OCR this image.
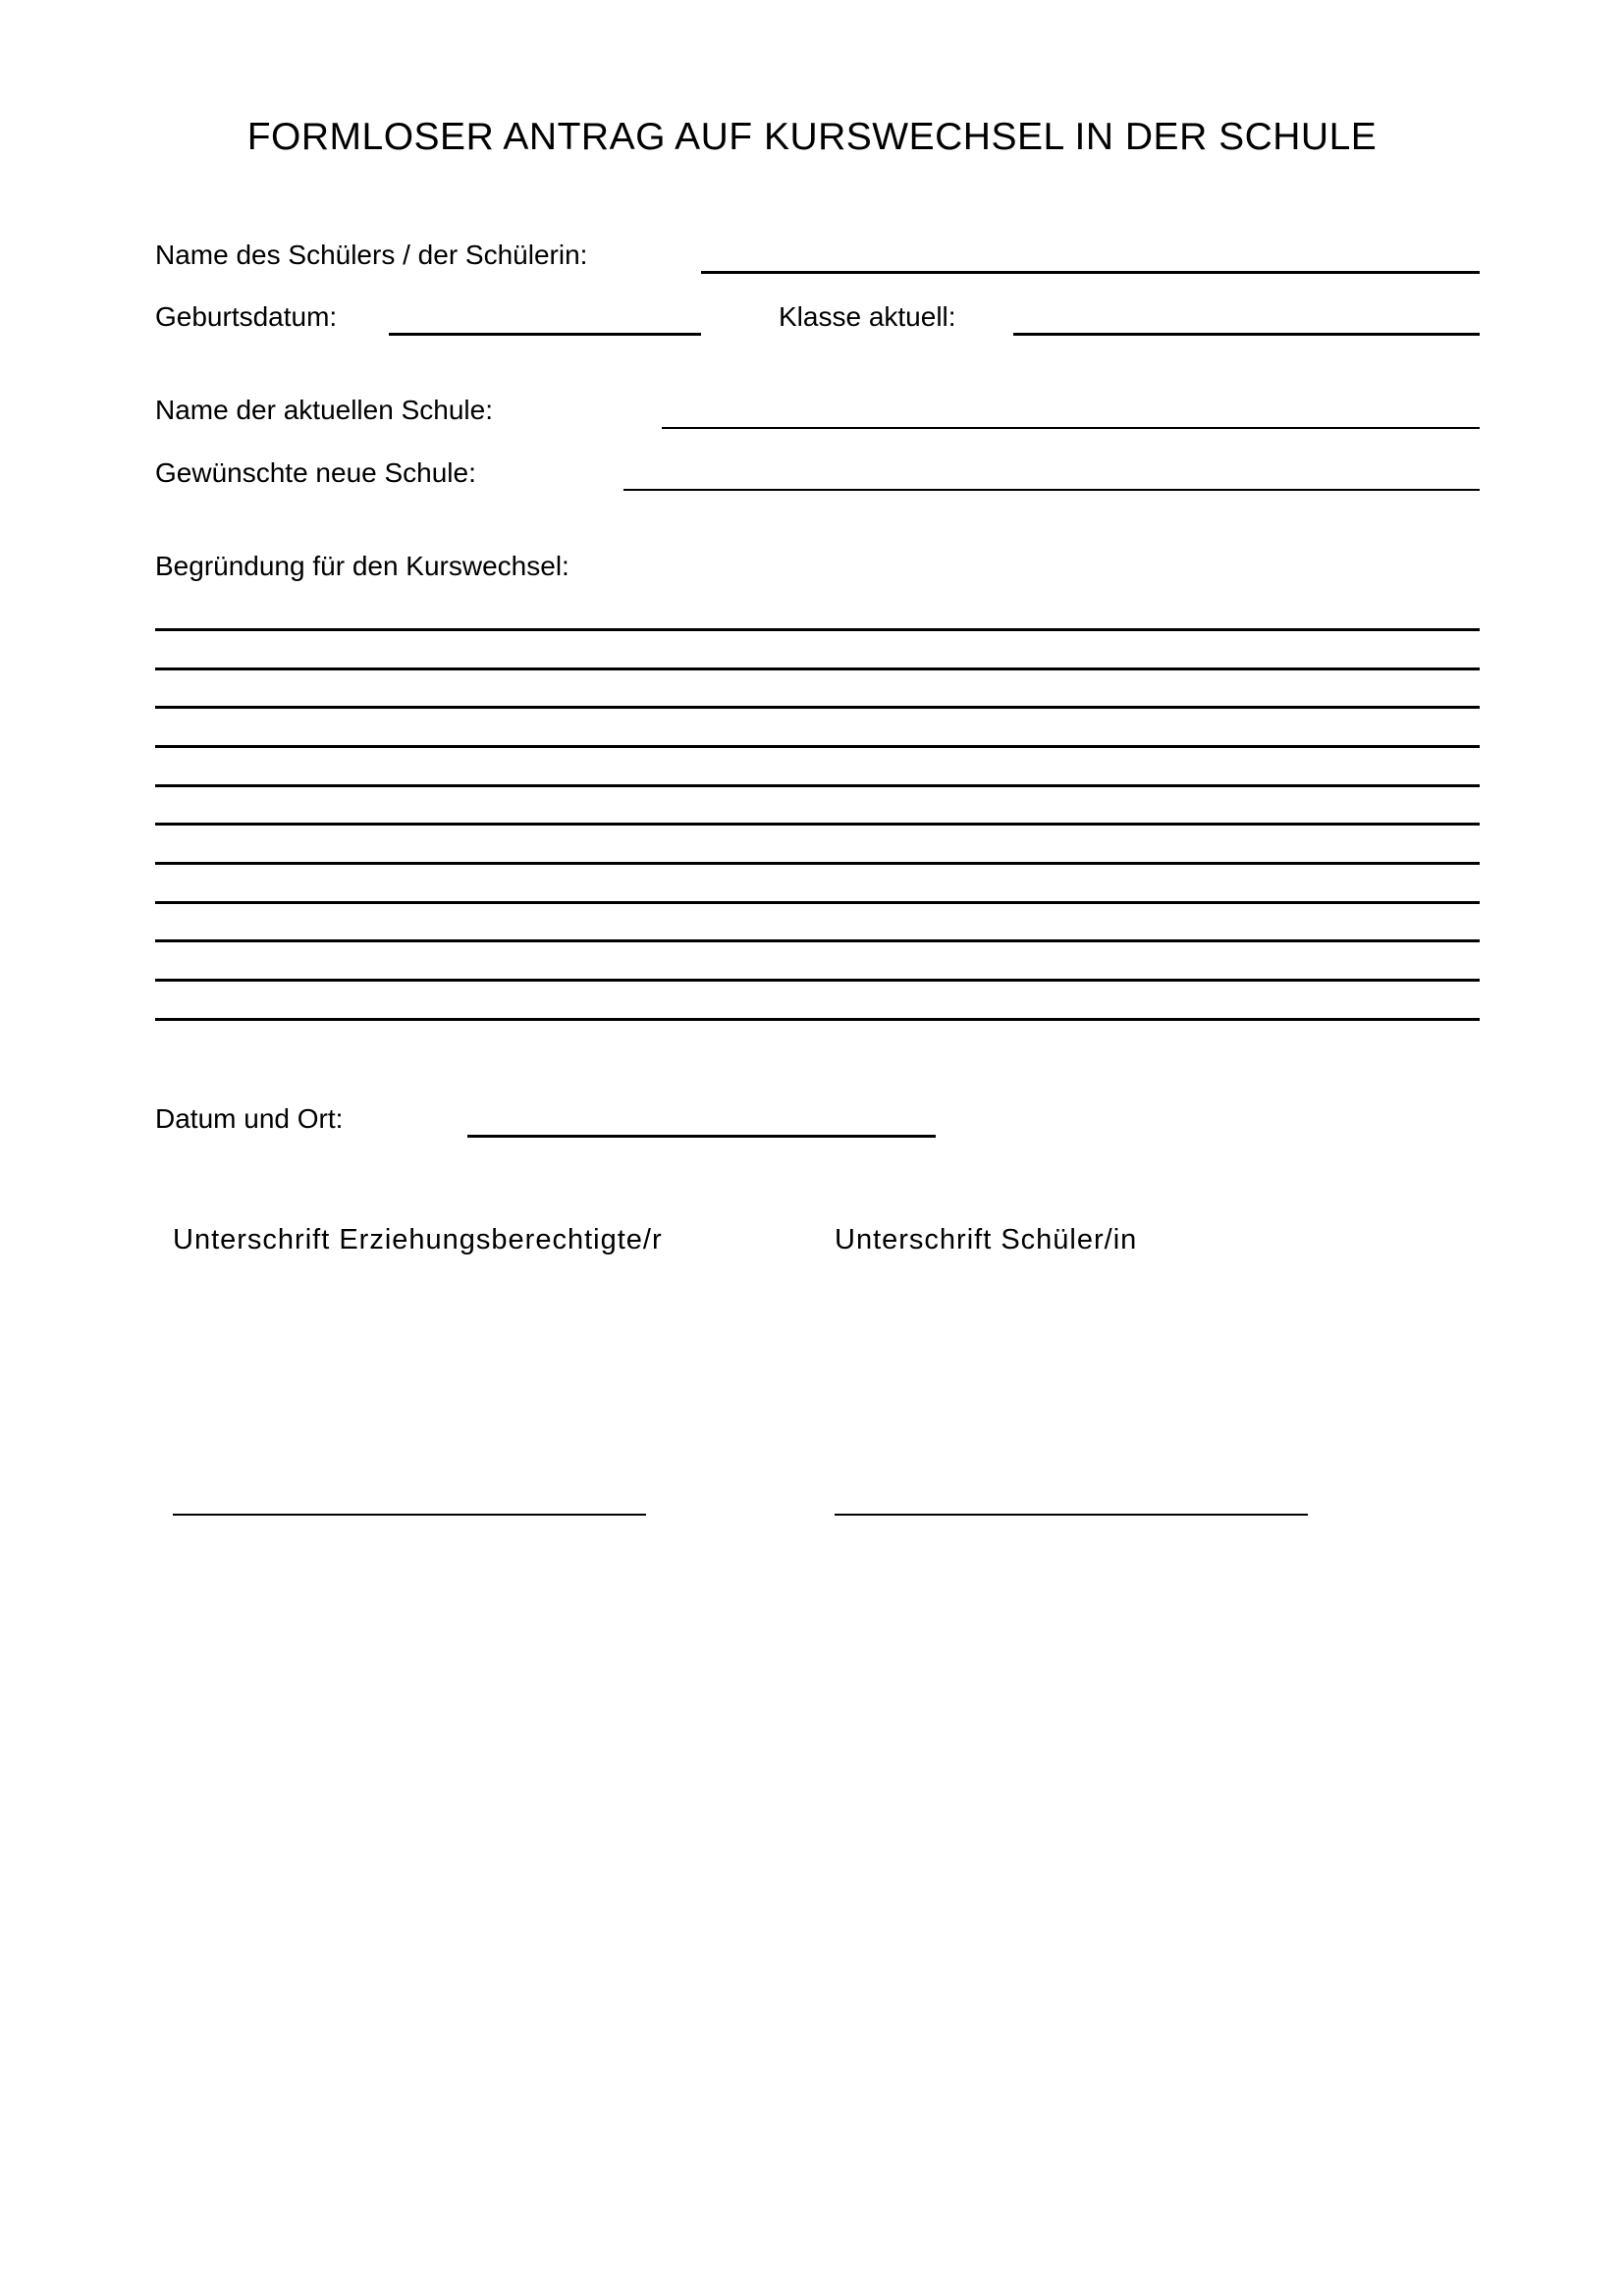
FORMLOSER ANTRAG AUF KURSWECHSEL IN DER SCHULE
Name des Schülers / der Schülerin:
Geburtsdatum:	Klasse aktuell:
Name der aktuellen Schule:
Gewünschte neue Schule:
Begründung für den Kurswechsel:
Datum und Ort:
Unterschrift Erziehungsberechtigte/r	Unterschrift Schüler/in
